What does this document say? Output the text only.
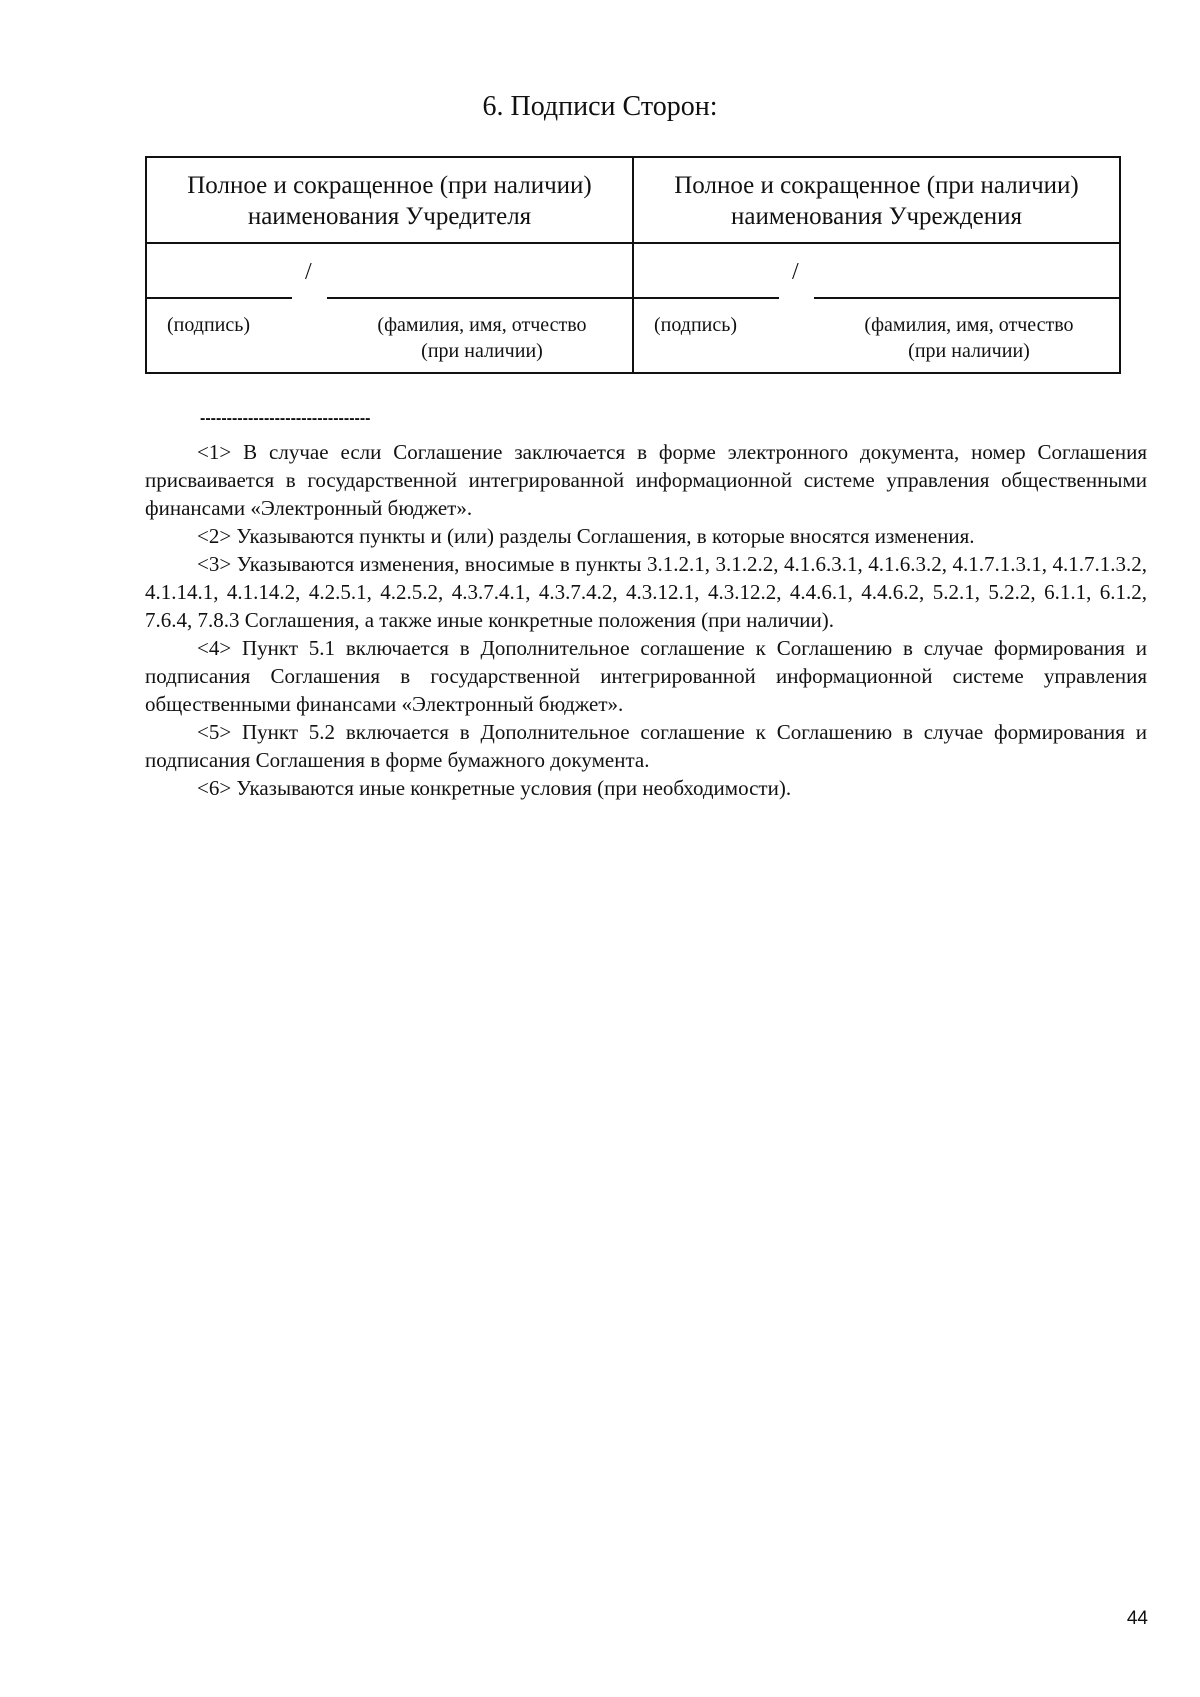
6. Подписи Сторон:
Полное и сокращенное (при наличии)
наименования Учредителя
/
(подпись)	(фамилия, имя, отчество
(при наличии)
Полное и сокращенное (при наличии)
наименования Учреждения
/
(подпись)	(фамилия, имя, отчество
(при наличии)
--------------------------------

<1> В случае если Соглашение заключается в форме электронного документа, номер Соглашения присваивается в государственной интегрированной информационной системе управления общественными финансами «Электронный бюджет».

<2> Указываются пункты и (или) разделы Соглашения, в которые вносятся изменения.

<3> Указываются изменения, вносимые в пункты 3.1.2.1, 3.1.2.2, 4.1.6.3.1, 4.1.6.3.2, 4.1.7.1.3.1, 4.1.7.1.3.2, 4.1.14.1, 4.1.14.2, 4.2.5.1, 4.2.5.2, 4.3.7.4.1, 4.3.7.4.2, 4.3.12.1, 4.3.12.2, 4.4.6.1, 4.4.6.2, 5.2.1, 5.2.2, 6.1.1, 6.1.2, 7.6.4, 7.8.3 Соглашения, а также иные конкретные положения (при наличии).

<4> Пункт 5.1 включается в Дополнительное соглашение к Соглашению в случае формирования и подписания Соглашения в государственной интегрированной информационной системе управления общественными финансами «Электронный бюджет».

<5> Пункт 5.2 включается в Дополнительное соглашение к Соглашению в случае формирования и подписания Соглашения в форме бумажного документа.

<6> Указываются иные конкретные условия (при необходимости).

44
